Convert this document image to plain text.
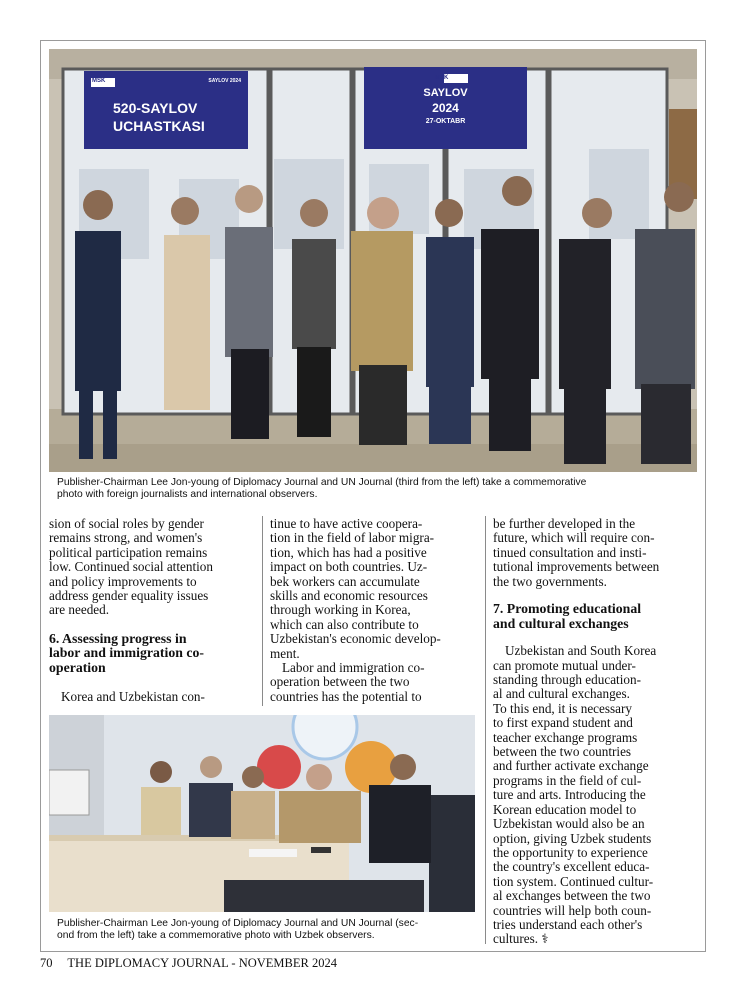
MSK	SAYLOV 2024
520-SAYLOV
UCHASTKASI
MSK
SAYLOV
2024
27-OKTABR
Publisher-Chairman Lee Jon-young of Diplomacy Journal and UN Journal (third from the left) take a commemorative
photo with foreign journalists and international observers.
sion of social roles by gender
remains strong, and women's
political participation remains
low. Continued social attention
and policy improvements to
address gender equality issues
are needed.
6. Assessing progress in
labor and immigration co-
operation

Korea and Uzbekistan con-

tinue to have active coopera-
tion in the field of labor migra-
tion, which has had a positive
impact on both countries. Uz-
bek workers can accumulate
skills and economic resources
through working in Korea,
which can also contribute to
Uzbekistan's economic develop-
ment.
Labor and immigration co-
operation between the two
countries has the potential to
be further developed in the
future, which will require con-
tinued consultation and insti-
tutional improvements between
the two governments.
7. Promoting educational
and cultural exchanges
Uzbekistan and South Korea
can promote mutual under-
standing through education-
al and cultural exchanges.
To this end, it is necessary
to first expand student and
teacher exchange programs
between the two countries
and further activate exchange
programs in the field of cul-
ture and arts. Introducing the
Korean education model to
Uzbekistan would also be an
option, giving Uzbek students
the opportunity to experience
the country's excellent educa-
tion system. Continued cultur-
al exchanges between the two
countries will help both coun-
tries understand each other's
cultures. ⚕
Publisher-Chairman Lee Jon-young of Diplomacy Journal and UN Journal (sec-
ond from the left) take a commemorative photo with Uzbek observers.
70 THE DIPLOMACY JOURNAL - NOVEMBER 2024
